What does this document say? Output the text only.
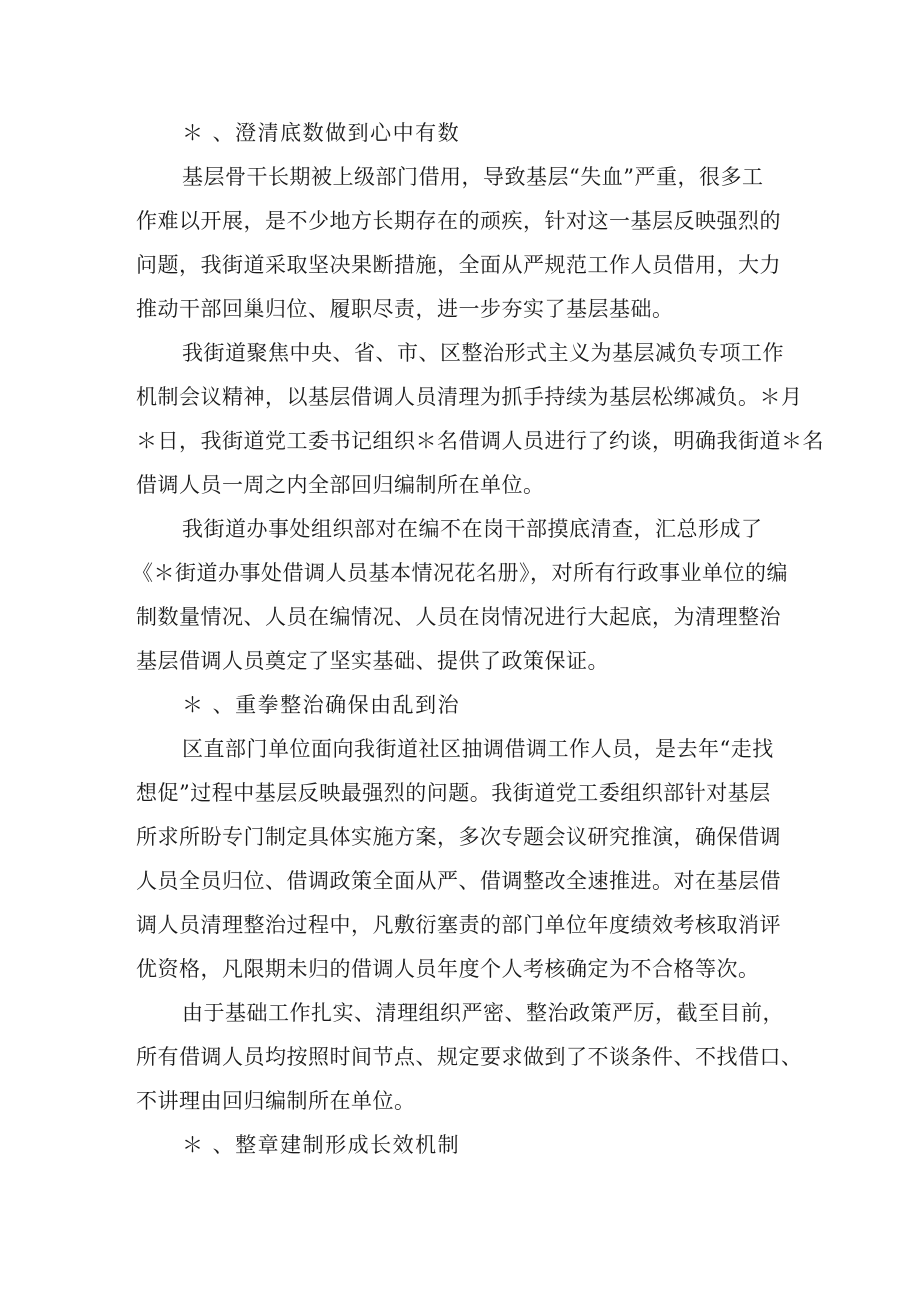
＊ 、澄清底数做到心中有数
基层骨干长期被上级部门借用，导致基层“失血”严重，很多工
作难以开展，是不少地方长期存在的顽疾，针对这一基层反映强烈的
问题，我街道采取坚决果断措施，全面从严规范工作人员借用，大力
推动干部回巢归位、履职尽责，进一步夯实了基层基础。
我街道聚焦中央、省、市、区整治形式主义为基层减负专项工作
机制会议精神，以基层借调人员清理为抓手持续为基层松绑减负。＊月
＊日，我街道党工委书记组织＊名借调人员进行了约谈，明确我街道＊名
借调人员一周之内全部回归编制所在单位。
我街道办事处组织部对在编不在岗干部摸底清查，汇总形成了
《＊街道办事处借调人员基本情况花名册》，对所有行政事业单位的编
制数量情况、人员在编情况、人员在岗情况进行大起底，为清理整治
基层借调人员奠定了坚实基础、提供了政策保证。
＊ 、重拳整治确保由乱到治
区直部门单位面向我街道社区抽调借调工作人员，是去年“走找
想促”过程中基层反映最强烈的问题。我街道党工委组织部针对基层
所求所盼专门制定具体实施方案，多次专题会议研究推演，确保借调
人员全员归位、借调政策全面从严、借调整改全速推进。对在基层借
调人员清理整治过程中，凡敷衍塞责的部门单位年度绩效考核取消评
优资格，凡限期未归的借调人员年度个人考核确定为不合格等次。
由于基础工作扎实、清理组织严密、整治政策严厉，截至目前，
所有借调人员均按照时间节点、规定要求做到了不谈条件、不找借口、
不讲理由回归编制所在单位。
＊ 、整章建制形成长效机制
